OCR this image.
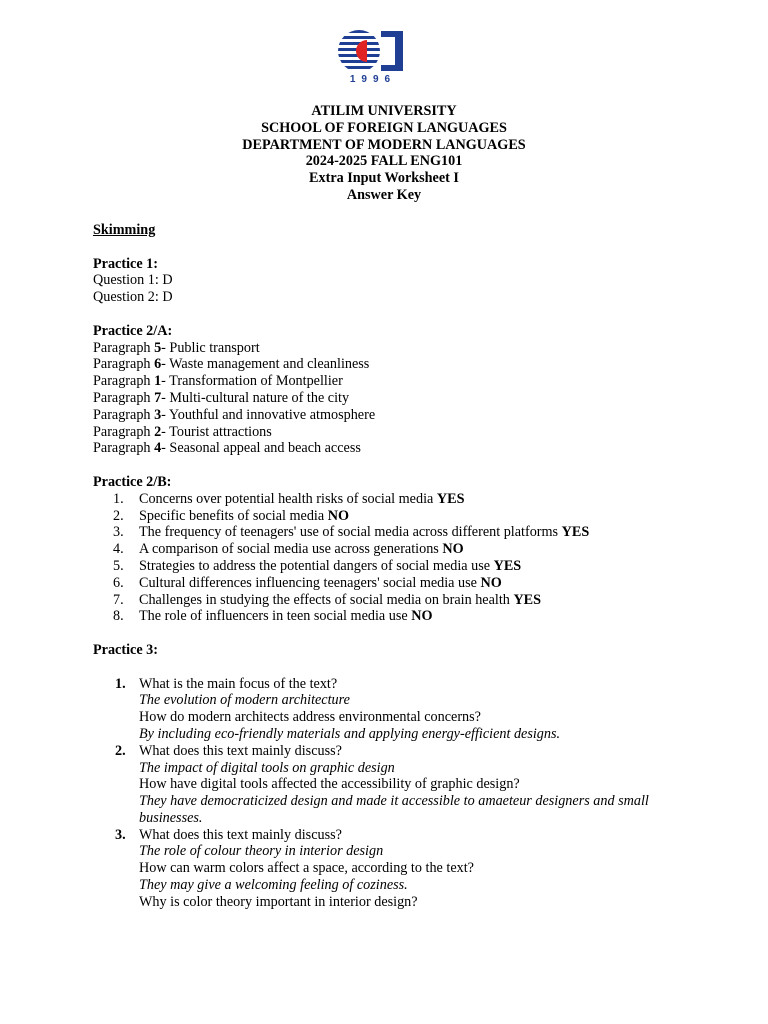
1996
ATILIM UNIVERSITY
SCHOOL OF FOREIGN LANGUAGES
DEPARTMENT OF MODERN LANGUAGES
2024-2025 FALL ENG101
Extra Input Worksheet I
Answer Key
Skimming
Practice 1:
Question 1: D
Question 2: D
Practice 2/A:
Paragraph 5- Public transport
Paragraph 6- Waste management and cleanliness
Paragraph 1- Transformation of Montpellier
Paragraph 7- Multi-cultural nature of the city
Paragraph 3- Youthful and innovative atmosphere
Paragraph 2- Tourist attractions
Paragraph 4- Seasonal appeal and beach access
Practice 2/B:
1. Concerns over potential health risks of social media YES
2. Specific benefits of social media NO
3. The frequency of teenagers' use of social media across different platforms YES
4. A comparison of social media use across generations NO
5. Strategies to address the potential dangers of social media use YES
6. Cultural differences influencing teenagers' social media use NO
7. Challenges in studying the effects of social media on brain health YES
8. The role of influencers in teen social media use NO
Practice 3:
1. What is the main focus of the text?
The evolution of modern architecture
How do modern architects address environmental concerns?
By including eco-friendly materials and applying energy-efficient designs.
2. What does this text mainly discuss?
The impact of digital tools on graphic design
How have digital tools affected the accessibility of graphic design?
They have democraticized design and made it accessible to amaeteur designers and small businesses.
3. What does this text mainly discuss?
The role of colour theory in interior design
How can warm colors affect a space, according to the text?
They may give a welcoming feeling of coziness.
Why is color theory important in interior design?
